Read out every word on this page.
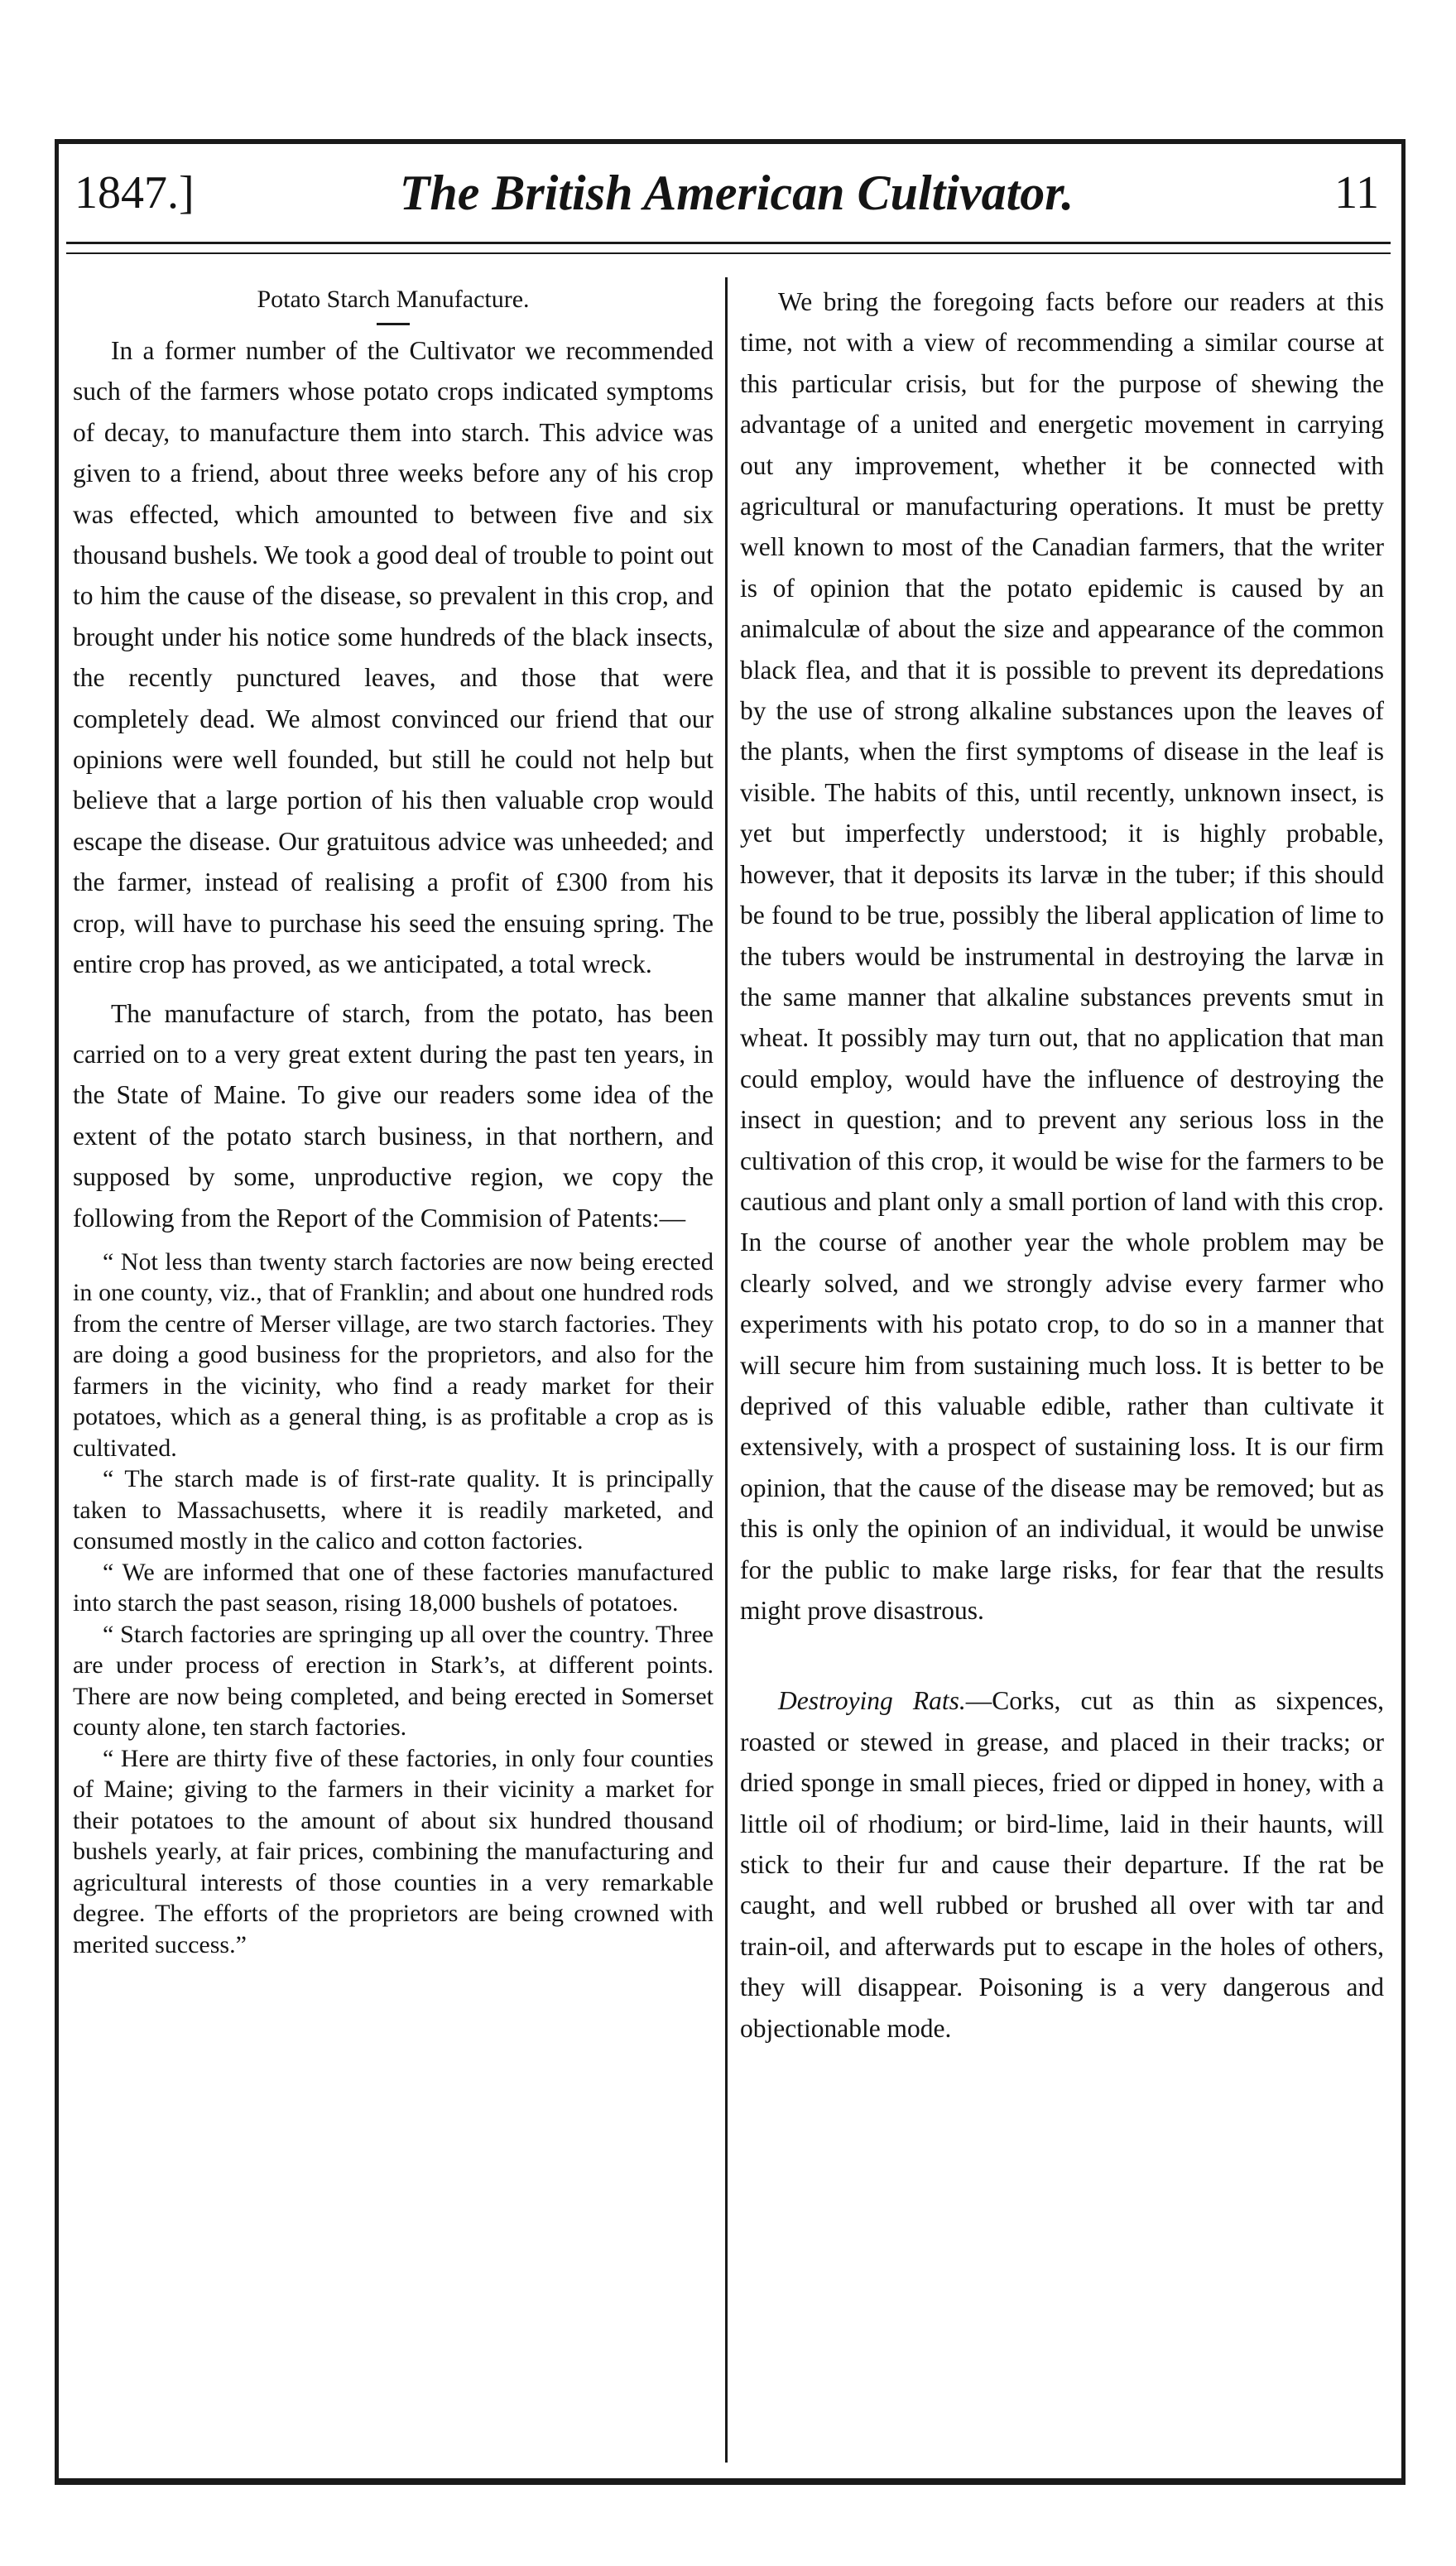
1847.]	The British American Cultivator.	11

Potato Starch Manufacture.

In a former number of the Cultivator we recommended such of the farmers whose potato crops indicated symptoms of decay, to manufacture them into starch. This advice was given to a friend, about three weeks before any of his crop was effected, which amounted to between five and six thousand bushels. We took a good deal of trouble to point out to him the cause of the disease, so prevalent in this crop, and brought under his notice some hundreds of the black insects, the recently punctured leaves, and those that were completely dead. We almost convinced our friend that our opinions were well founded, but still he could not help but believe that a large portion of his then valuable crop would escape the disease. Our gratuitous advice was unheeded; and the farmer, instead of realising a profit of £300 from his crop, will have to purchase his seed the ensuing spring. The entire crop has proved, as we anticipated, a total wreck.

The manufacture of starch, from the potato, has been carried on to a very great extent during the past ten years, in the State of Maine. To give our readers some idea of the extent of the potato starch business, in that northern, and supposed by some, unproductive region, we copy the following from the Report of the Commision of Patents:—

“ Not less than twenty starch factories are now being erected in one county, viz., that of Franklin; and about one hundred rods from the centre of Merser village, are two starch factories. They are doing a good business for the proprietors, and also for the farmers in the vicinity, who find a ready market for their potatoes, which as a general thing, is as profitable a crop as is cultivated.

“ The starch made is of first-rate quality. It is principally taken to Massachusetts, where it is readily marketed, and consumed mostly in the calico and cotton factories.

“ We are informed that one of these factories manufactured into starch the past season, rising 18,000 bushels of potatoes.

“ Starch factories are springing up all over the country. Three are under process of erection in Stark’s, at different points. There are now being completed, and being erected in Somerset county alone, ten starch factories.

“ Here are thirty five of these factories, in only four counties of Maine; giving to the farmers in their vicinity a market for their potatoes to the amount of about six hundred thousand bushels yearly, at fair prices, combining the manufacturing and agricultural interests of those counties in a very remarkable degree. The efforts of the proprietors are being crowned with merited success.”

We bring the foregoing facts before our readers at this time, not with a view of recommending a similar course at this particular crisis, but for the purpose of shewing the advantage of a united and energetic movement in carrying out any improvement, whether it be connected with agricultural or manufacturing operations. It must be pretty well known to most of the Canadian farmers, that the writer is of opinion that the potato epidemic is caused by an animalculæ of about the size and appearance of the common black flea, and that it is possible to prevent its depredations by the use of strong alkaline substances upon the leaves of the plants, when the first symptoms of disease in the leaf is visible. The habits of this, until recently, unknown insect, is yet but imperfectly understood; it is highly probable, however, that it deposits its larvæ in the tuber; if this should be found to be true, possibly the liberal application of lime to the tubers would be instrumental in destroying the larvæ in the same manner that alkaline substances prevents smut in wheat. It possibly may turn out, that no application that man could employ, would have the influence of destroying the insect in question; and to prevent any serious loss in the cultivation of this crop, it would be wise for the farmers to be cautious and plant only a small portion of land with this crop. In the course of another year the whole problem may be clearly solved, and we strongly advise every farmer who experiments with his potato crop, to do so in a manner that will secure him from sustaining much loss. It is better to be deprived of this valuable edible, rather than cultivate it extensively, with a prospect of sustaining loss. It is our firm opinion, that the cause of the disease may be removed; but as this is only the opinion of an individual, it would be unwise for the public to make large risks, for fear that the results might prove disastrous.

Destroying Rats.—Corks, cut as thin as sixpences, roasted or stewed in grease, and placed in their tracks; or dried sponge in small pieces, fried or dipped in honey, with a little oil of rhodium; or bird-lime, laid in their haunts, will stick to their fur and cause their departure. If the rat be caught, and well rubbed or brushed all over with tar and train-oil, and afterwards put to escape in the holes of others, they will disappear. Poisoning is a very dangerous and objectionable mode.
